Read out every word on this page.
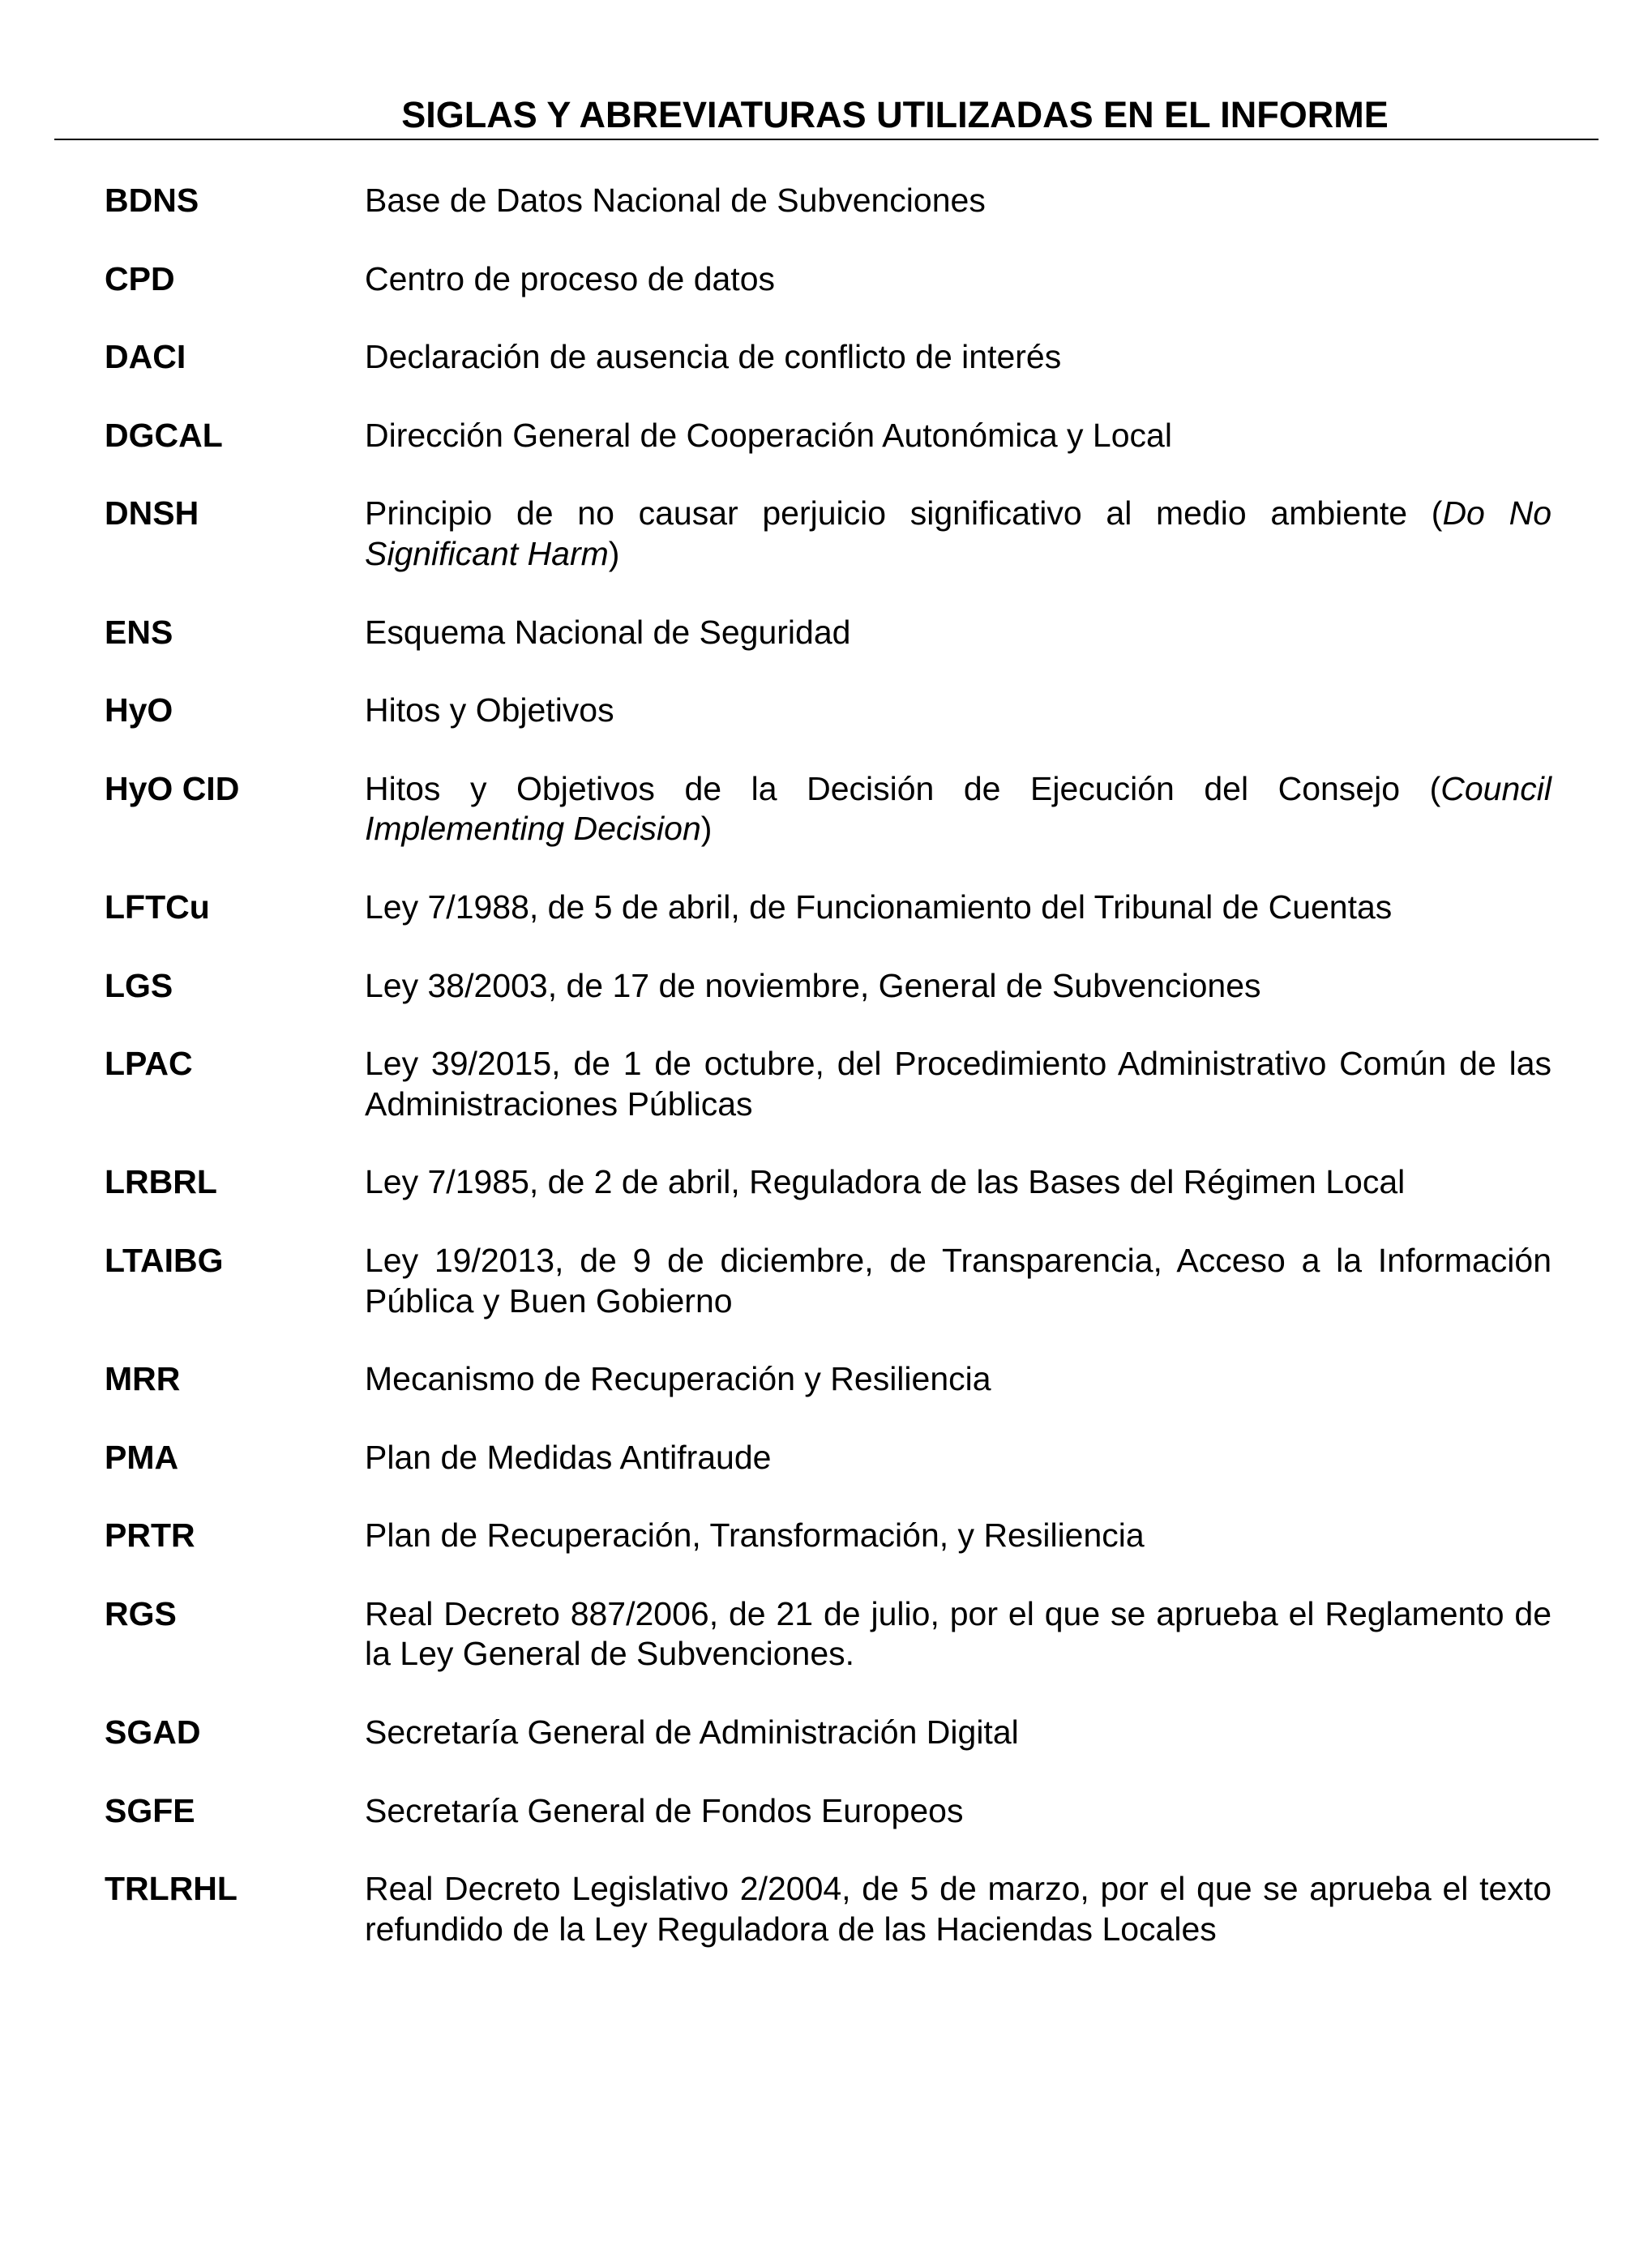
SIGLAS Y ABREVIATURAS UTILIZADAS EN EL INFORME
BDNS	Base de Datos Nacional de Subvenciones
CPD	Centro de proceso de datos
DACI	Declaración de ausencia de conflicto de interés
DGCAL	Dirección General de Cooperación Autonómica y Local
DNSH	Principio de no causar perjuicio significativo al medio ambiente (Do No Significant Harm)
ENS	Esquema Nacional de Seguridad
HyO	Hitos y Objetivos
HyO CID	Hitos y Objetivos de la Decisión de Ejecución del Consejo (Council Implementing Decision)
LFTCu	Ley 7/1988, de 5 de abril, de Funcionamiento del Tribunal de Cuentas
LGS	Ley 38/2003, de 17 de noviembre, General de Subvenciones
LPAC	Ley 39/2015, de 1 de octubre, del Procedimiento Administrativo Común de las Administraciones Públicas
LRBRL	Ley 7/1985, de 2 de abril, Reguladora de las Bases del Régimen Local
LTAIBG	Ley 19/2013, de 9 de diciembre, de Transparencia, Acceso a la Información Pública y Buen Gobierno
MRR	Mecanismo de Recuperación y Resiliencia
PMA	Plan de Medidas Antifraude
PRTR	Plan de Recuperación, Transformación, y Resiliencia
RGS	Real Decreto 887/2006, de 21 de julio, por el que se aprueba el Reglamento de la Ley General de Subvenciones.
SGAD	Secretaría General de Administración Digital
SGFE	Secretaría General de Fondos Europeos
TRLRHL	Real Decreto Legislativo 2/2004, de 5 de marzo, por el que se aprueba el texto refundido de la Ley Reguladora de las Haciendas Locales
